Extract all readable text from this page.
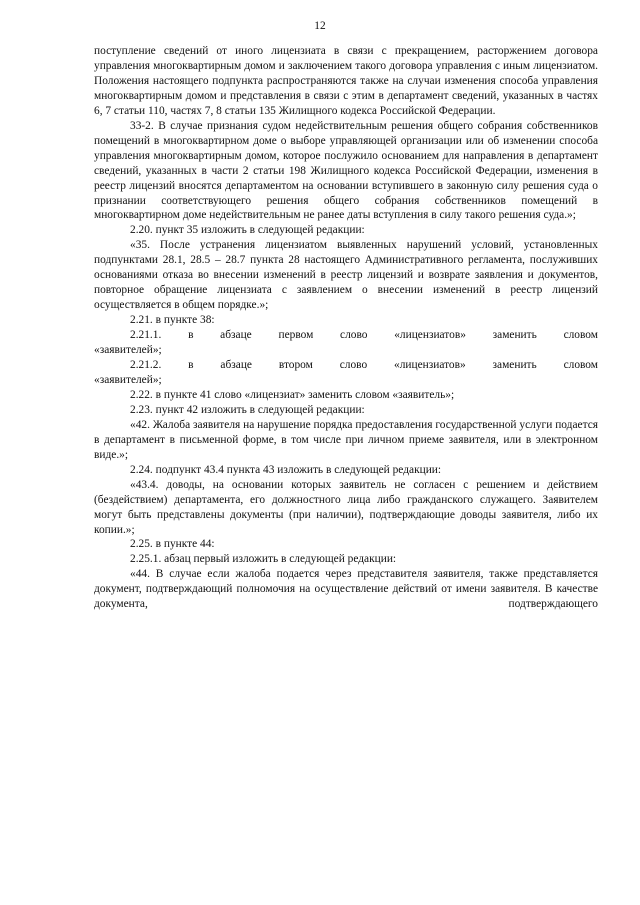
12

поступление сведений от иного лицензиата в связи с прекращением, расторжением договора управления многоквартирным домом и заключением такого договора управления с иным лицензиатом. Положения настоящего подпункта распространяются также на случаи изменения способа управления многоквартирным домом и представления в связи с этим в департамент сведений, указанных в частях 6, 7 статьи 110, частях 7, 8 статьи 135 Жилищного кодекса Российской Федерации.

33-2. В случае признания судом недействительным решения общего собрания собственников помещений в многоквартирном доме о выборе управляющей организации или об изменении способа управления многоквартирным домом, которое послужило основанием для направления в департамент сведений, указанных в части 2 статьи 198 Жилищного кодекса Российской Федерации, изменения в реестр лицензий вносятся департаментом на основании вступившего в законную силу решения суда о признании соответствующего решения общего собрания собственников помещений в многоквартирном доме недействительным не ранее даты вступления в силу такого решения суда.»;

2.20. пункт 35 изложить в следующей редакции:

«35. После устранения лицензиатом выявленных нарушений условий, установленных подпунктами 28.1, 28.5 – 28.7 пункта 28 настоящего Административного регламента, послуживших основаниями отказа во внесении изменений в реестр лицензий и возврате заявления и документов, повторное обращение лицензиата с заявлением о внесении изменений в реестр лицензий осуществляется в общем порядке.»;

2.21. в пункте 38:

2.21.1. в абзаце первом слово «лицензиатов» заменить словом

«заявителей»;

2.21.2. в абзаце втором слово «лицензиатов» заменить словом

«заявителей»;

2.22. в пункте 41 слово «лицензиат» заменить словом «заявитель»;

2.23. пункт 42 изложить в следующей редакции:

«42. Жалоба заявителя на нарушение порядка предоставления государственной услуги подается в департамент в письменной форме, в том числе при личном приеме заявителя, или в электронном виде.»;

2.24. подпункт 43.4 пункта 43 изложить в следующей редакции:

«43.4. доводы, на основании которых заявитель не согласен с решением и действием (бездействием) департамента, его должностного лица либо гражданского служащего. Заявителем могут быть представлены документы (при наличии), подтверждающие доводы заявителя, либо их копии.»;

2.25. в пункте 44:

2.25.1. абзац первый изложить в следующей редакции:

«44. В случае если жалоба подается через представителя заявителя, также представляется документ, подтверждающий полномочия на осуществление действий от имени заявителя. В качестве документа, подтверждающего
